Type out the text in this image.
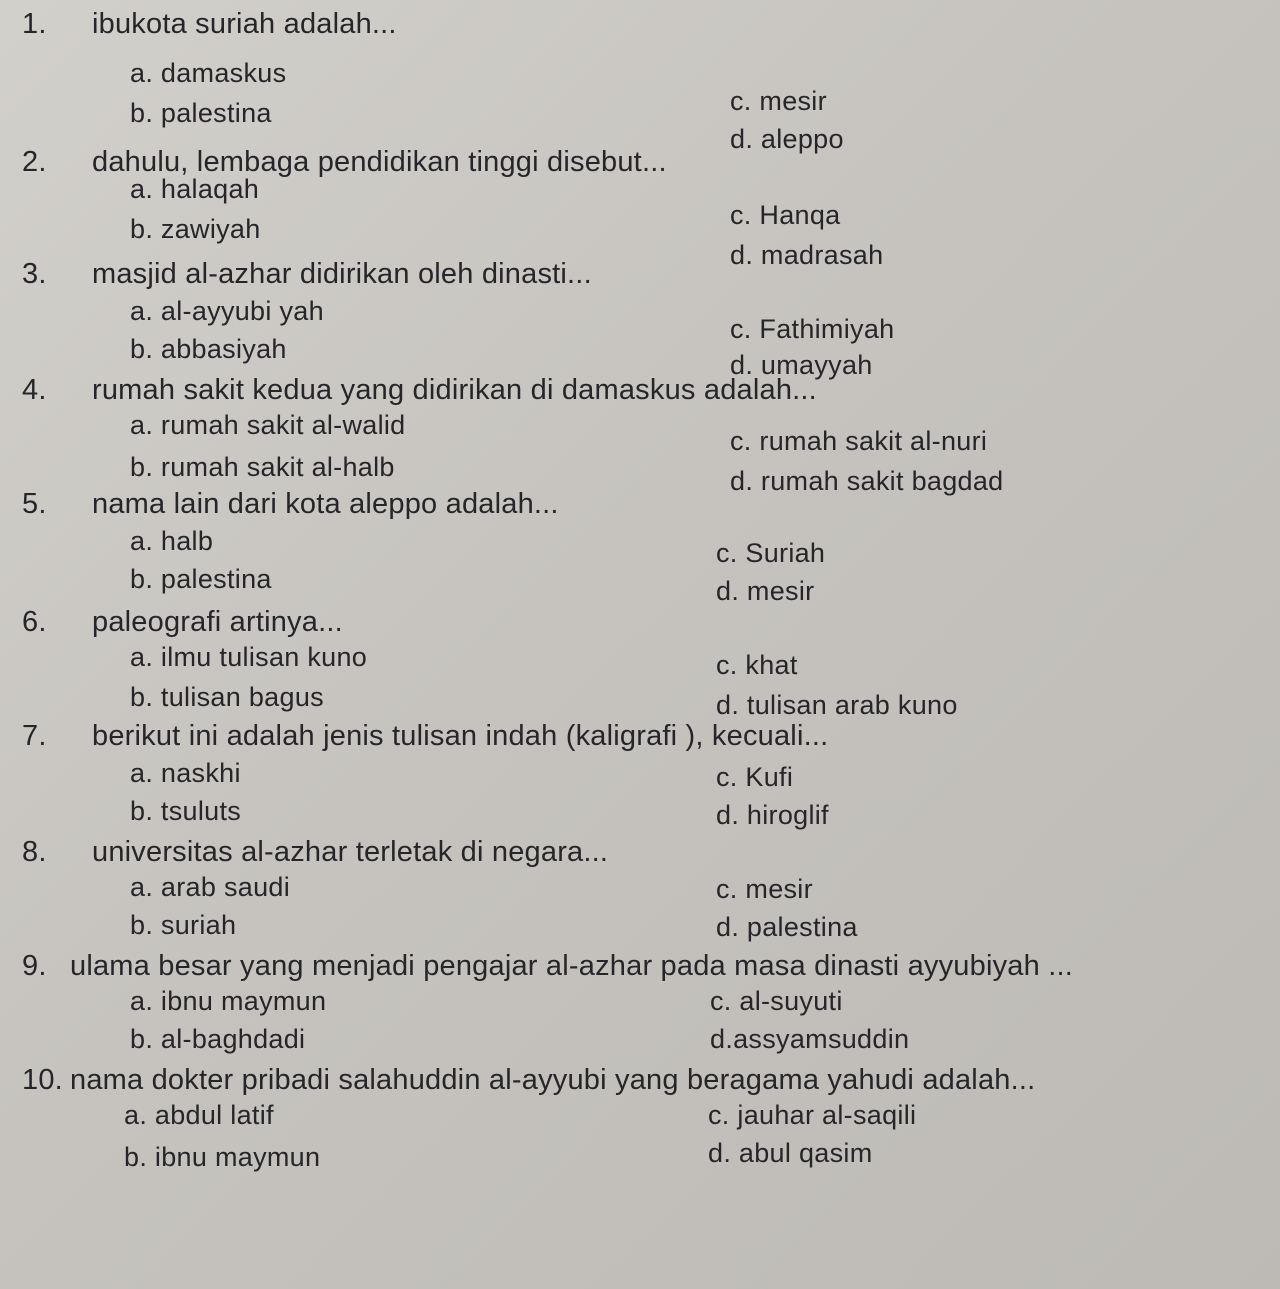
1. ibukota suriah adalah...
a. damaskus
b. palestina	c. mesir
d. aleppo
2. dahulu, lembaga pendidikan tinggi disebut...
a. halaqah
b. zawiyah	c. Hanqa
d. madrasah
3. masjid al-azhar didirikan oleh dinasti...
a. al-ayyubi yah
b. abbasiyah
c. Fathimiyah
d. umayyah
4. rumah sakit kedua yang didirikan di damaskus adalah...
a. rumah sakit al-walid
b. rumah sakit al-halb
c. rumah sakit al-nuri
d. rumah sakit bagdad
5. nama lain dari kota aleppo adalah...
a. halb
b. palestina
c. Suriah
d. mesir
6. paleografi artinya...
a. ilmu tulisan kuno
b. tulisan bagus
c. khat
d. tulisan arab kuno
7. berikut ini adalah jenis tulisan indah (kaligrafi ), kecuali...
a. naskhi
b. tsuluts
c. Kufi
d. hiroglif
8. universitas al-azhar terletak di negara...
a. arab saudi
b. suriah
c. mesir
d. palestina
9. ulama besar yang menjadi pengajar al-azhar pada masa dinasti ayyubiyah ...
a. ibnu maymun
b. al-baghdadi
c. al-suyuti
d.assyamsuddin
10. nama dokter pribadi salahuddin al-ayyubi yang beragama yahudi adalah...
a. abdul latif
b. ibnu maymun
c. jauhar al-saqili
d. abul qasim
